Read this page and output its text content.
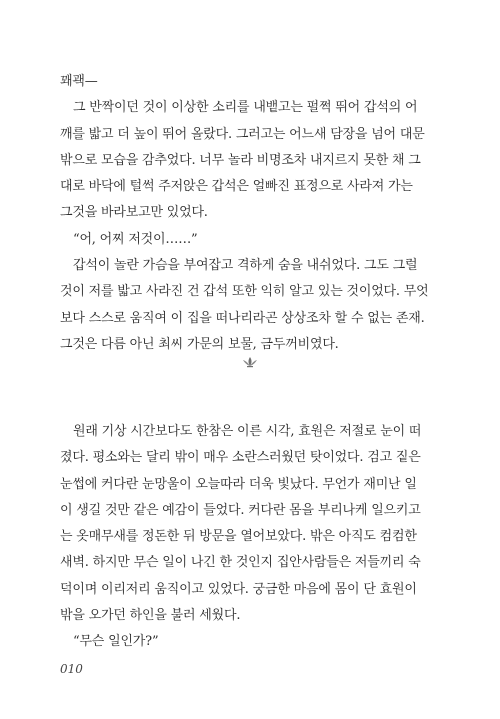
꽤괙—
그 반짝이던 것이 이상한 소리를 내뱉고는 펄쩍 뛰어 갑석의 어
깨를 밟고 더 높이 뛰어 올랐다. 그러고는 어느새 담장을 넘어 대문
밖으로 모습을 감추었다. 너무 놀라 비명조차 내지르지 못한 채 그
대로 바닥에 털썩 주저앉은 갑석은 얼빠진 표정으로 사라져 가는
그것을 바라보고만 있었다.
“어, 어찌 저것이……”
갑석이 놀란 가슴을 부여잡고 격하게 숨을 내쉬었다. 그도 그럴
것이 저를 밟고 사라진 건 갑석 또한 익히 알고 있는 것이었다. 무엇
보다 스스로 움직여 이 집을 떠나리라곤 상상조차 할 수 없는 존재.
그것은 다름 아닌 최씨 가문의 보물, 금두꺼비였다.
원래 기상 시간보다도 한참은 이른 시각, 효원은 저절로 눈이 떠
졌다. 평소와는 달리 밖이 매우 소란스러웠던 탓이었다. 검고 짙은
눈썹에 커다란 눈망울이 오늘따라 더욱 빛났다. 무언가 재미난 일
이 생길 것만 같은 예감이 들었다. 커다란 몸을 부리나케 일으키고
는 옷매무새를 정돈한 뒤 방문을 열어보았다. 밖은 아직도 컴컴한
새벽. 하지만 무슨 일이 나긴 한 것인지 집안사람들은 저들끼리 숙
덕이며 이리저리 움직이고 있었다. 궁금한 마음에 몸이 단 효원이
밖을 오가던 하인을 불러 세웠다.
“무슨 일인가?”
010
